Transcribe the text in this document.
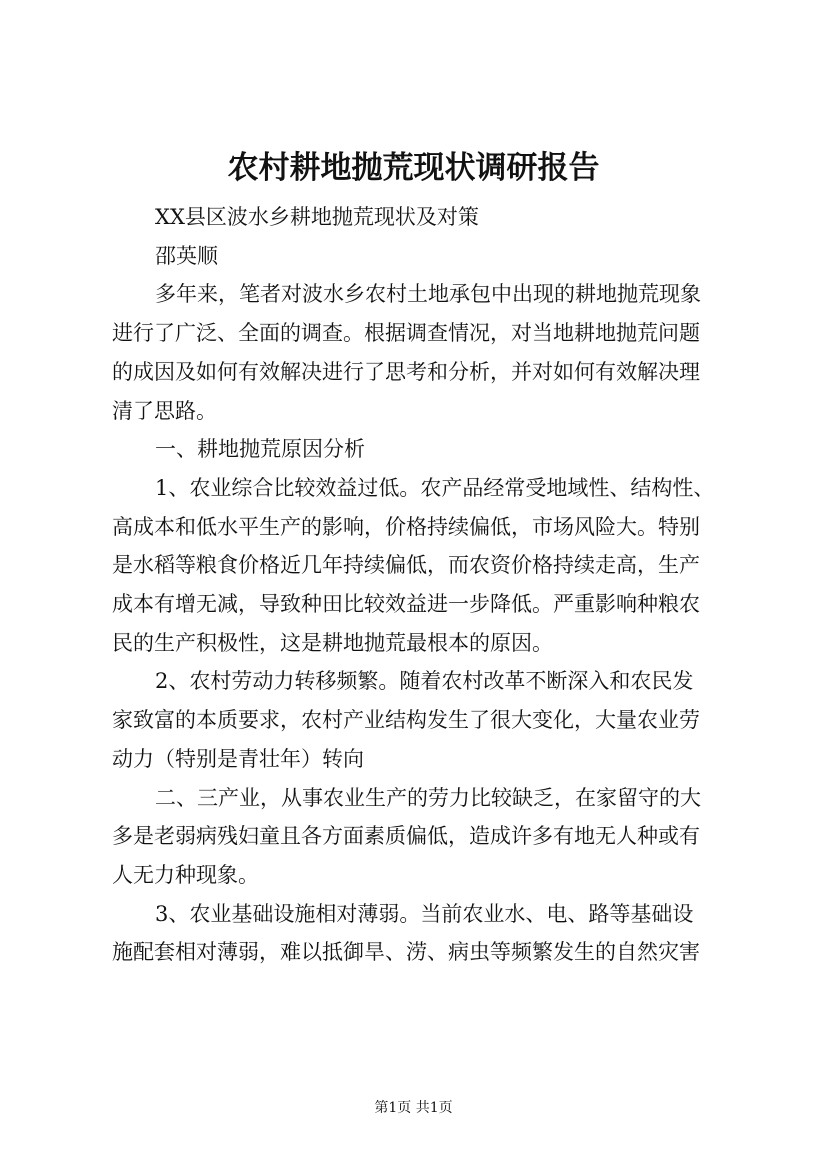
农村耕地抛荒现状调研报告
XX县区波水乡耕地抛荒现状及对策
邵英顺
多年来，笔者对波水乡农村土地承包中出现的耕地抛荒现象
进行了广泛、全面的调查。根据调查情况，对当地耕地抛荒问题
的成因及如何有效解决进行了思考和分析，并对如何有效解决理
清了思路。
一、耕地抛荒原因分析
1、农业综合比较效益过低。农产品经常受地域性、结构性、
高成本和低水平生产的影响，价格持续偏低，市场风险大。特别
是水稻等粮食价格近几年持续偏低，而农资价格持续走高，生产
成本有增无减，导致种田比较效益进一步降低。严重影响种粮农
民的生产积极性，这是耕地抛荒最根本的原因。
2、农村劳动力转移频繁。随着农村改革不断深入和农民发
家致富的本质要求，农村产业结构发生了很大变化，大量农业劳
动力（特别是青壮年）转向
二、三产业，从事农业生产的劳力比较缺乏，在家留守的大
多是老弱病残妇童且各方面素质偏低，造成许多有地无人种或有
人无力种现象。
3、农业基础设施相对薄弱。当前农业水、电、路等基础设
施配套相对薄弱，难以抵御旱、涝、病虫等频繁发生的自然灾害
第1页 共1页
